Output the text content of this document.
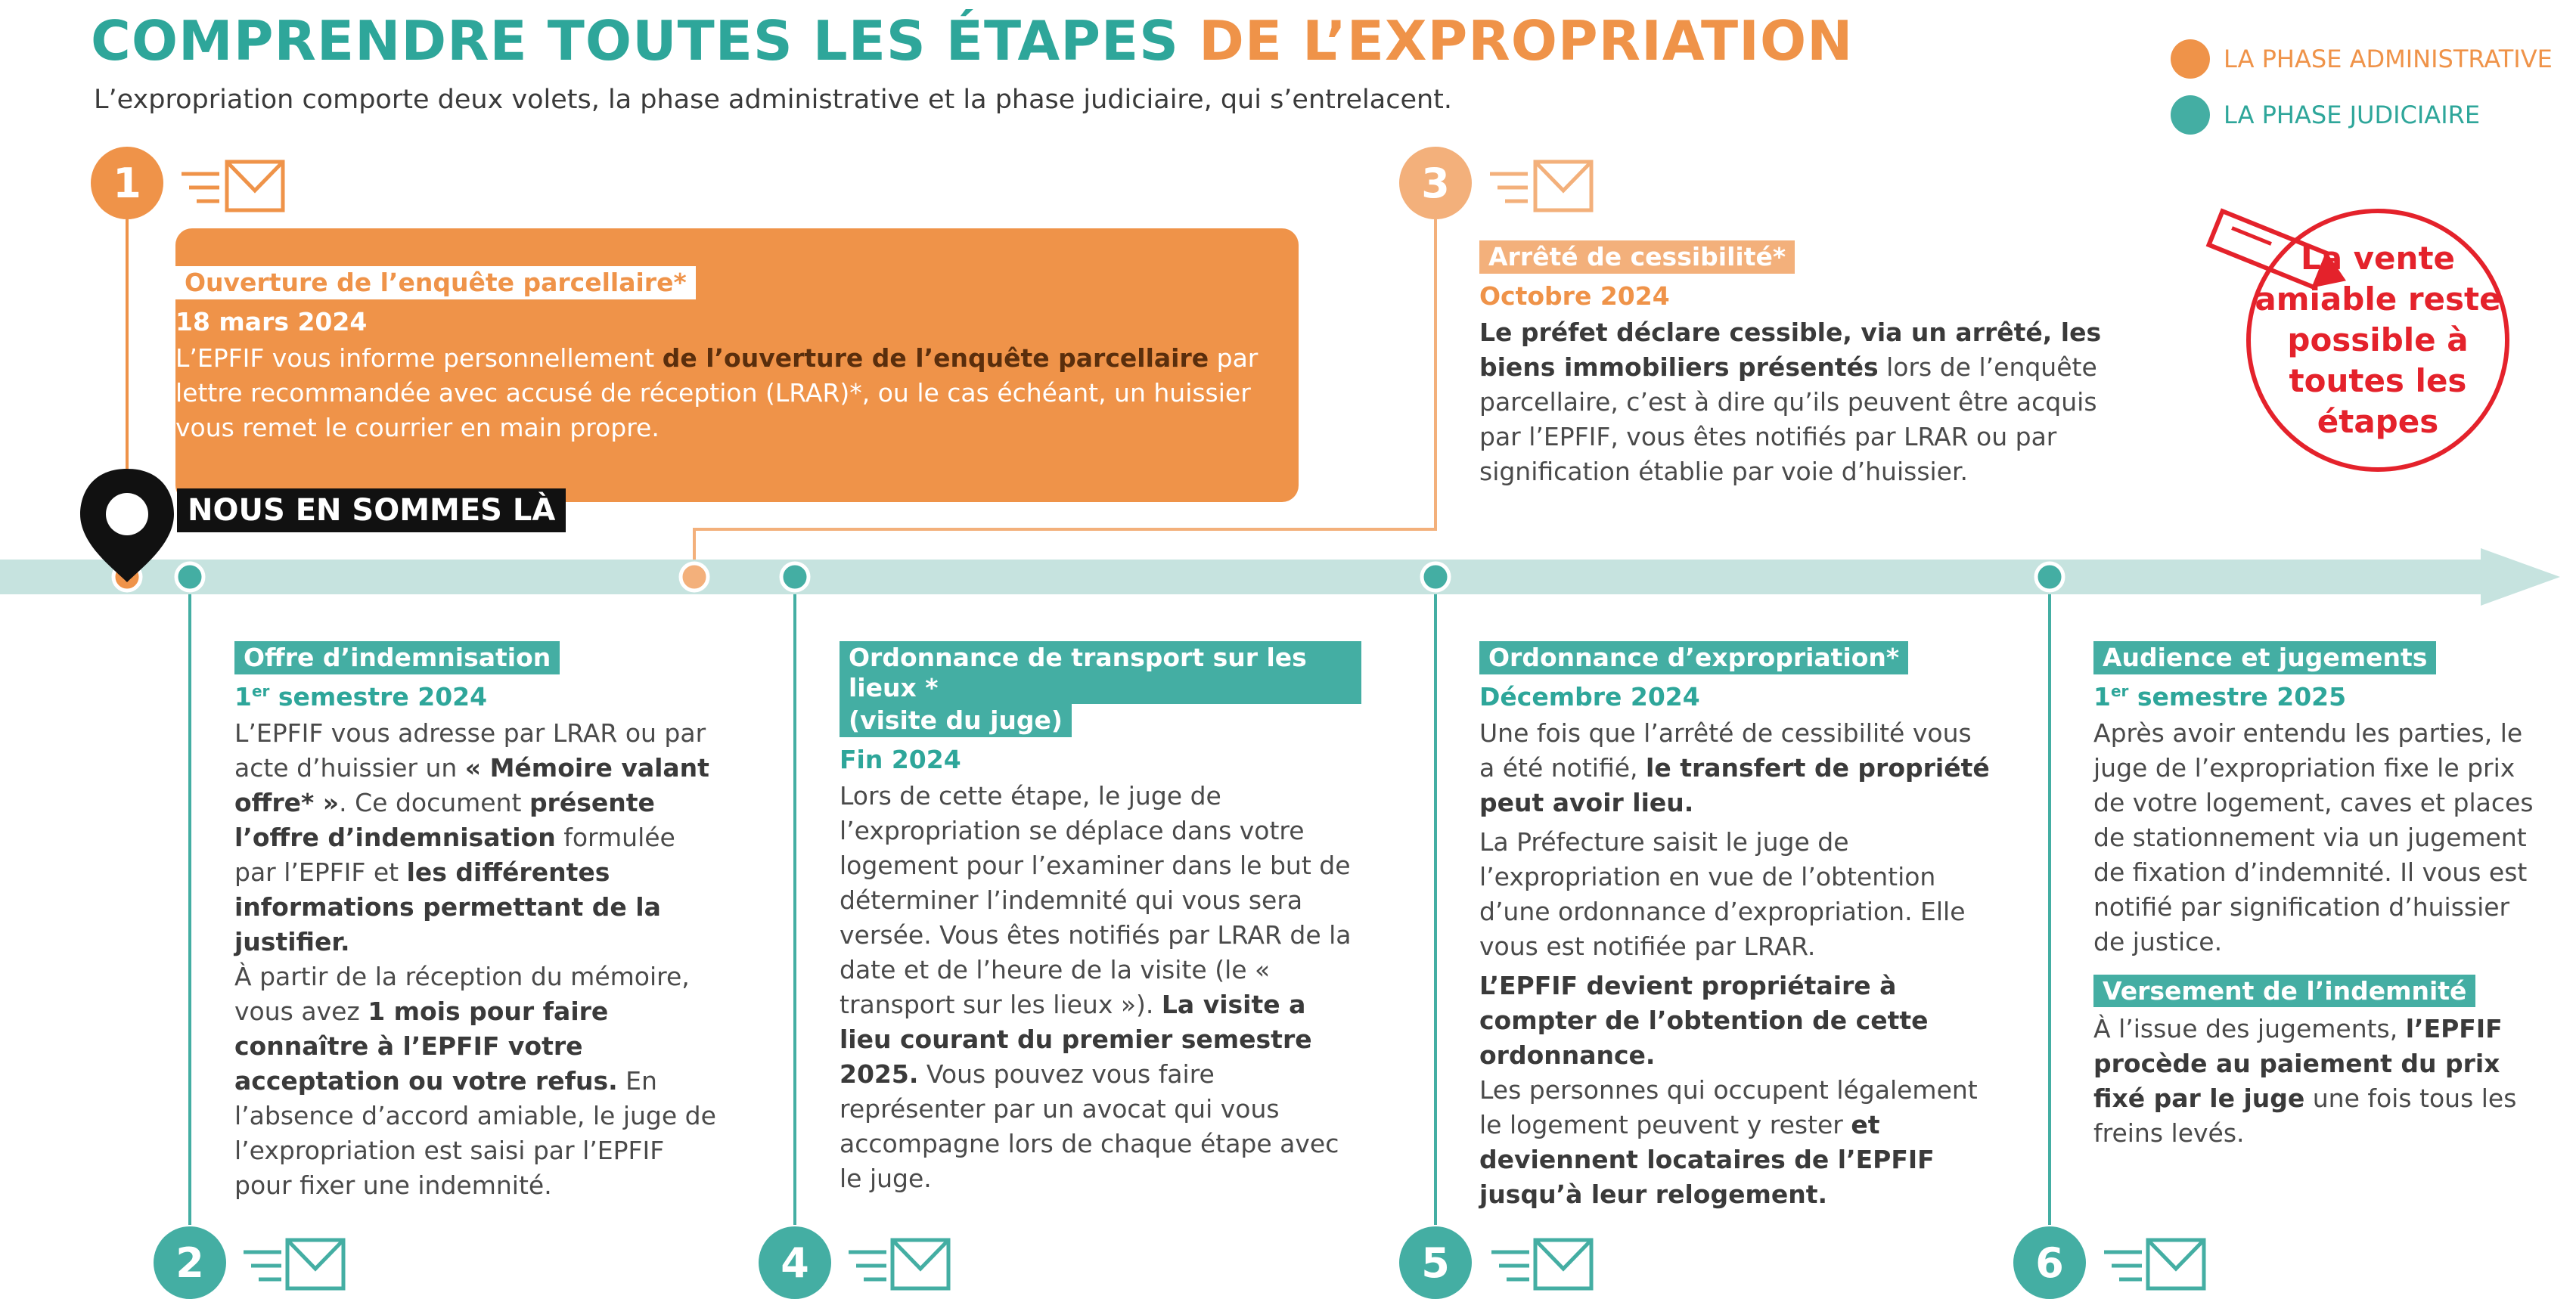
COMPRENDRE TOUTES LES ÉTAPES DE L’EXPROPRIATION
L’expropriation comporte deux volets, la phase administrative et la phase judiciaire, qui s’entrelacent.
LA PHASE ADMINISTRATIVE
LA PHASE JUDICIAIRE
1	3
2	4	5	6
Ouverture de l’enquête parcellaire*
18 mars 2024
L’EPFIF vous informe personnellement de l’ouverture de l’enquête parcellaire par lettre recommandée avec accusé de réception (LRAR)*, ou le cas échéant, un huissier vous remet le courrier en main propre.
NOUS EN SOMMES LÀ
Arrêté de cessibilité*
Octobre 2024
Le préfet déclare cessible, via un arrêté, les biens immobiliers présentés lors de l’enquête parcellaire, c’est à dire qu’ils peuvent être acquis par l’EPFIF, vous êtes notifiés par LRAR ou par signification établie par voie d’huissier.
La vente
amiable reste
possible à
toutes les
étapes
Offre d’indemnisation
1er semestre 2024
L’EPFIF vous adresse par LRAR ou par acte d’huissier un « Mémoire valant offre* ». Ce document présente l’offre d’indemnisation formulée par l’EPFIF et les différentes informations permettant de la justifier.
À partir de la réception du mémoire, vous avez 1 mois pour faire connaître à l’EPFIF votre acceptation ou votre refus. En l’absence d’accord amiable, le juge de l’expropriation est saisi par l’EPFIF pour fixer une indemnité.
Ordonnance de transport sur les lieux *
(visite du juge)
Fin 2024
Lors de cette étape, le juge de l’expropriation se déplace dans votre logement pour l’examiner dans le but de déterminer l’indemnité qui vous sera versée. Vous êtes notifiés par LRAR de la date et de l’heure de la visite (le « transport sur les lieux »). La visite a lieu courant du premier semestre 2025. Vous pouvez vous faire représenter par un avocat qui vous accompagne lors de chaque étape avec le juge.
Ordonnance d’expropriation*
Décembre 2024
Une fois que l’arrêté de cessibilité vous a été notifié, le transfert de propriété peut avoir lieu.
La Préfecture saisit le juge de l’expropriation en vue de l’obtention d’une ordonnance d’expropriation. Elle vous est notifiée par LRAR.
L’EPFIF devient propriétaire à compter de l’obtention de cette ordonnance.
Les personnes qui occupent légalement le logement peuvent y rester et deviennent locataires de l’EPFIF jusqu’à leur relogement.
Audience et jugements
1er semestre 2025
Après avoir entendu les parties, le juge de l’expropriation fixe le prix de votre logement, caves et places de stationnement via un jugement de fixation d’indemnité. Il vous est notifié par signification d’huissier de justice.
Versement de l’indemnité
À l’issue des jugements, l’EPFIF procède au paiement du prix fixé par le juge une fois tous les freins levés.
